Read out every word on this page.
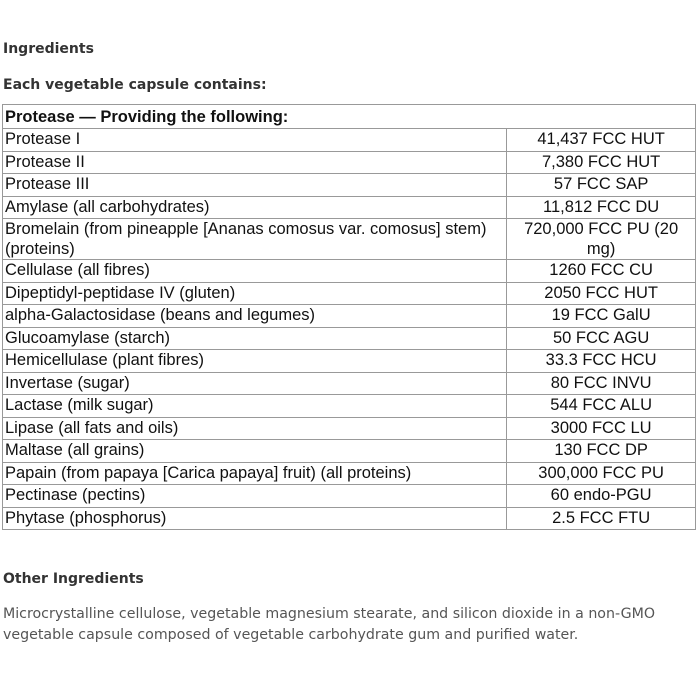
Ingredients
Each vegetable capsule contains:
Protease — Providing the following:	
Protease I	41,437 FCC HUT
Protease II	7,380 FCC HUT
Protease III	57 FCC SAP
Amylase (all carbohydrates)	11,812 FCC DU
Bromelain (from pineapple [Ananas comosus var. comosus] stem) (proteins)	720,000 FCC PU (20 mg)
Cellulase (all fibres)	1260 FCC CU
Dipeptidyl-peptidase IV (gluten)	2050 FCC HUT
alpha-Galactosidase (beans and legumes)	19 FCC GalU
Glucoamylase (starch)	50 FCC AGU
Hemicellulase (plant fibres)	33.3 FCC HCU
Invertase (sugar)	80 FCC INVU
Lactase (milk sugar)	544 FCC ALU
Lipase (all fats and oils)	3000 FCC LU
Maltase (all grains)	130 FCC DP
Papain (from papaya [Carica papaya] fruit) (all proteins)	300,000 FCC PU
Pectinase (pectins)	60 endo-PGU
Phytase (phosphorus)	2.5 FCC FTU
Other Ingredients

Microcrystalline cellulose, vegetable magnesium stearate, and silicon dioxide in a non-GMO vegetable capsule composed of vegetable carbohydrate gum and purified water.
